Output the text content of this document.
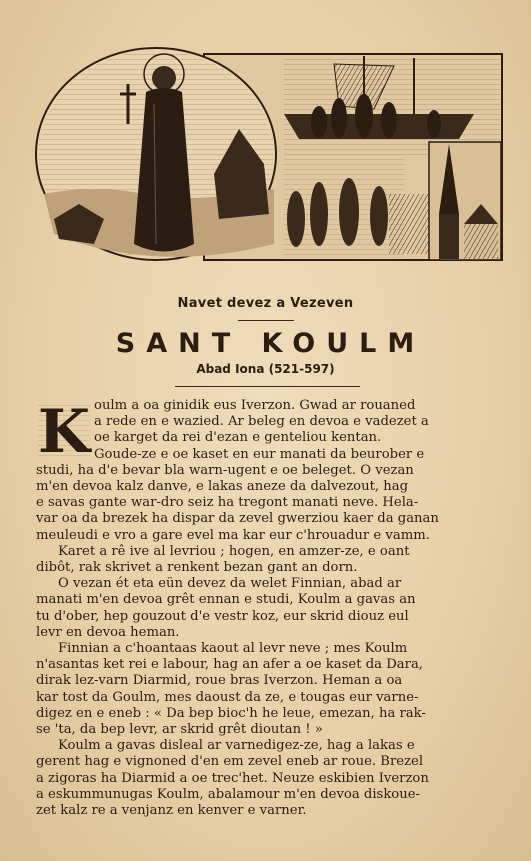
Navet devez a Vezeven
SANT KOULM
Abad Iona (521-597)
K oulm a oa ginidik eus Iverzon. Gwad ar rouaned
a rede en e wazied. Ar beleg en devoa e vadezet a
oe karget da rei d'ezan e genteliou kentan.
Goude-ze e oe kaset en eur manati da beurober e
studi, ha d'e bevar bla warn-ugent e oe beleget. O vezan
m'en devoa kalz danve, e lakas aneze da dalvezout, hag
e savas gante war-dro seiz ha tregont manati neve. Hela-
var oa da brezek ha dispar da zevel gwerziou kaer da ganan
meuleudi e vro a gare evel ma kar eur c'hrouadur e vamm.
Karet a rê ive al levriou ; hogen, en amzer-ze, e oant
dibôt, rak skrivet a renkent bezan gant an dorn.
O vezan ét eta eün devez da welet Finnian, abad ar
manati m'en devoa grêt ennan e studi, Koulm a gavas an
tu d'ober, hep gouzout d'e vestr koz, eur skrid diouz eul
levr en devoa heman.
Finnian a c'hoantaas kaout al levr neve ; mes Koulm
n'asantas ket rei e labour, hag an afer a oe kaset da Dara,
dirak lez-varn Diarmid, roue bras Iverzon. Heman a oa
kar tost da Goulm, mes daoust da ze, e tougas eur varne-
digez en e eneb : « Da bep bioc'h he leue, emezan, ha rak-
se 'ta, da bep levr, ar skrid grêt dioutan ! »
Koulm a gavas disleal ar varnedigez-ze, hag a lakas e
gerent hag e vignoned d'en em zevel eneb ar roue. Brezel
a zigoras ha Diarmid a oe trec'het. Neuze eskibien Iverzon
a eskummunugas Koulm, abalamour m'en devoa diskoue-
zet kalz re a venjanz en kenver e varner.
